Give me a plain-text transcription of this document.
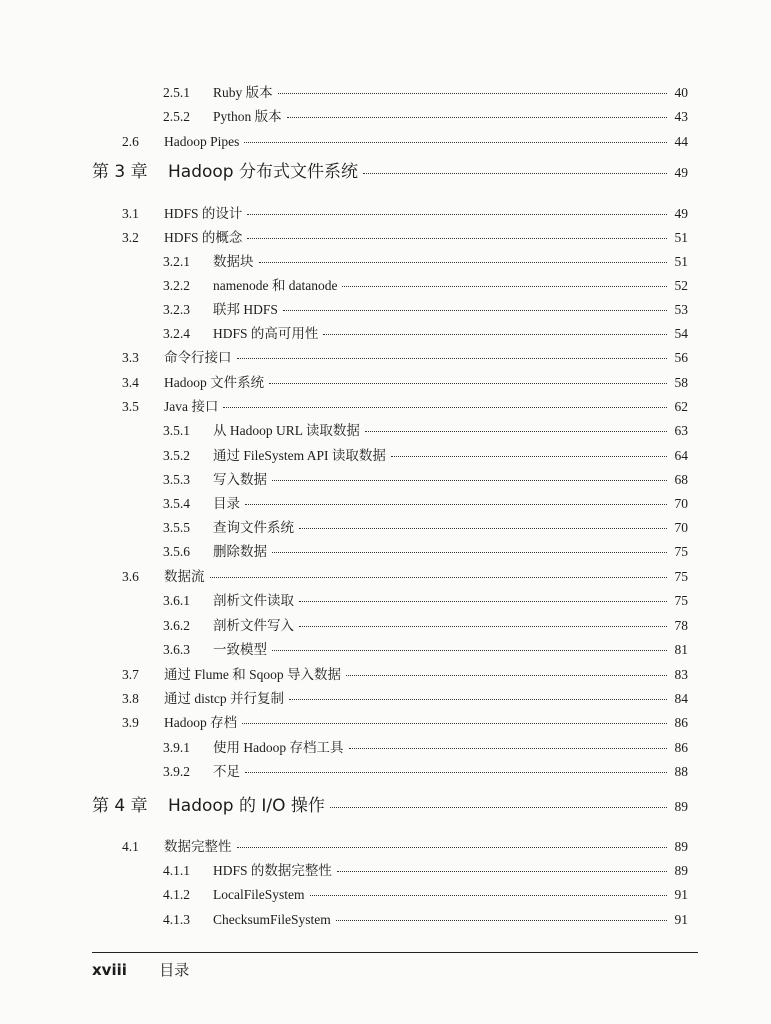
2.5.1	Ruby 版本	40
2.5.2	Python 版本	43
2.6	Hadoop Pipes	44
第 3 章	Hadoop 分布式文件系统	49
3.1	HDFS 的设计	49
3.2	HDFS 的概念	51
3.2.1	数据块	51
3.2.2	namenode 和 datanode	52
3.2.3	联邦 HDFS	53
3.2.4	HDFS 的高可用性	54
3.3	命令行接口	56
3.4	Hadoop 文件系统	58
3.5	Java 接口	62
3.5.1	从 Hadoop URL 读取数据	63
3.5.2	通过 FileSystem API 读取数据	64
3.5.3	写入数据	68
3.5.4	目录	70
3.5.5	查询文件系统	70
3.5.6	删除数据	75
3.6	数据流	75
3.6.1	剖析文件读取	75
3.6.2	剖析文件写入	78
3.6.3	一致模型	81
3.7	通过 Flume 和 Sqoop 导入数据	83
3.8	通过 distcp 并行复制	84
3.9	Hadoop 存档	86
3.9.1	使用 Hadoop 存档工具	86
3.9.2	不足	88
第 4 章	Hadoop 的 I/O 操作	89
4.1	数据完整性	89
4.1.1	HDFS 的数据完整性	89
4.1.2	LocalFileSystem	91
4.1.3	ChecksumFileSystem	91
xviii 目录
